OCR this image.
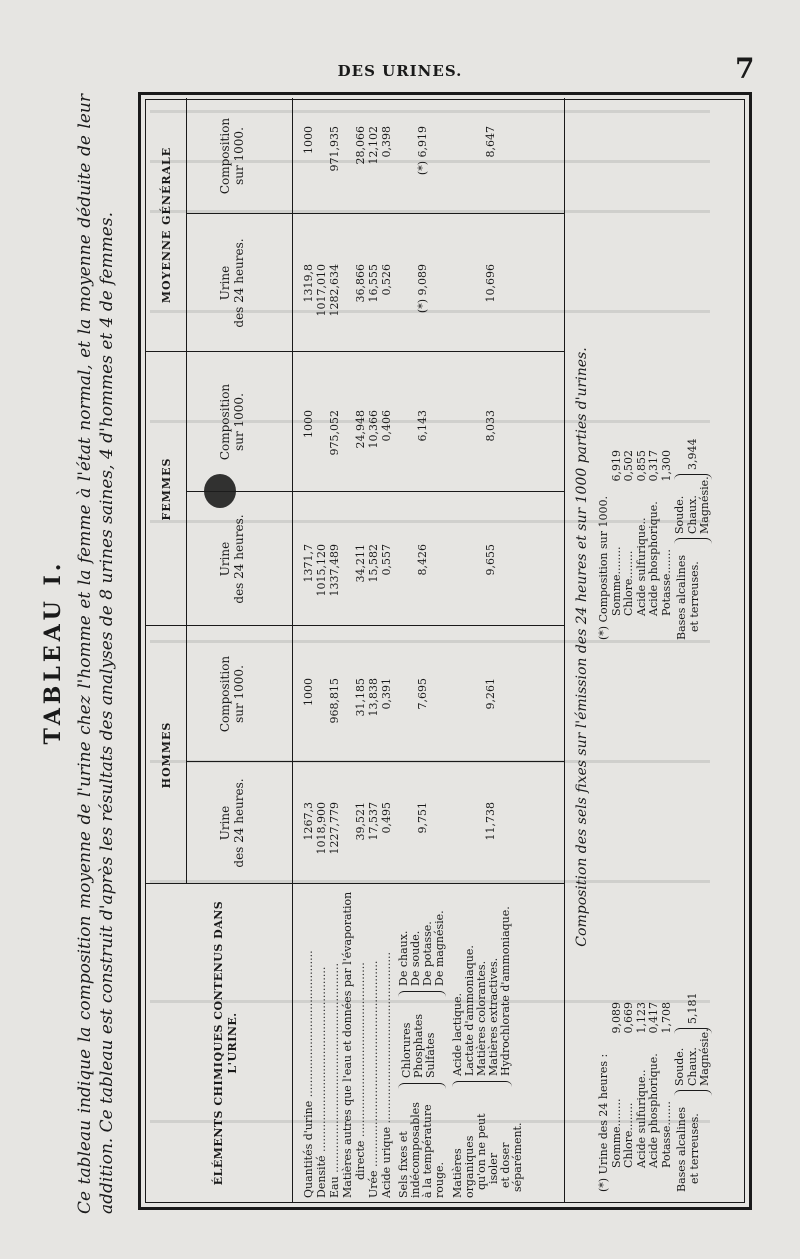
DES URINES.	7
TABLEAU I. Ce tableau indique la composition moyenne de l'urine chez l'homme et la femme à l'état normal, et la moyenne déduite de leur addition. Ce tableau est construit d'après les résultats des analyses de 8 urines saines, 4 d'hommes et 4 de femmes.	ÉLÉMENTS CHIMIQUES CONTENUS DANS L'URINE.
HOMMES
FEMMES
MOYENNE GÉNÉRALE
Urine des 24 heures.
Composition sur 1000.
Urine des 24 heures.
Composition sur 1000.
Urine des 24 heures.
Composition sur 1000.
Quantités d'urine ..........................................
1267,3
1000
1371,7
1000
1319,8
1000
Densité .....................................................
1018,900
1015,120
1017,010
Eau ............................................................
1227,779
968,815
1337,489
975,052
1282,634
971,935
Matières autres que l'eau et données par l'évaporation directe ..................................................
39,521
31,185
34,211
24,948
36,866
28,066
Urée ...........................................................
17,537
13,838
15,582
10,366
16,555
12,102
Acide urique .................................................
0,495
0,391
0,557
0,406
0,526
0,398
Sels fixes et indécomposables à la température rouge.
Chlorures Phosphates Sulfates
De chaux. De soude. De potasse. De magnésie.
9,751
7,695
8,426
6,143
(*) 9,089
(*) 6,919
Matières organiques qu'on ne peut isoler et doser séparément.
Acide lactique. Lactate d'ammoniaque. Matières colorantes. Matières extractives. Hydrochlorate d'ammoniaque.
11,738
9,261
9,655
8,033
10,696
8,647
Composition des sels fixes sur l'émission des 24 heures et sur 1000 parties d'urines.
(*) Urine des 24 heures : Somme........
9,089
Chlore........
0,669
Acide sulfurique..
1,123
Acide phosphorique.
0,417
Potasse.......
1,708
Bases alcalines et terreuses.
Soude. Chaux. Magnésie.
5,181
(*) Composition sur 1000. Somme........
6,919
Chlore........
0,502
Acide sulfurique..
0,855
Acide phosphorique.
0,317
Potasse.......
1,300
Bases alcalines et terreuses.
Soude. Chaux. Magnésie.
3,944
